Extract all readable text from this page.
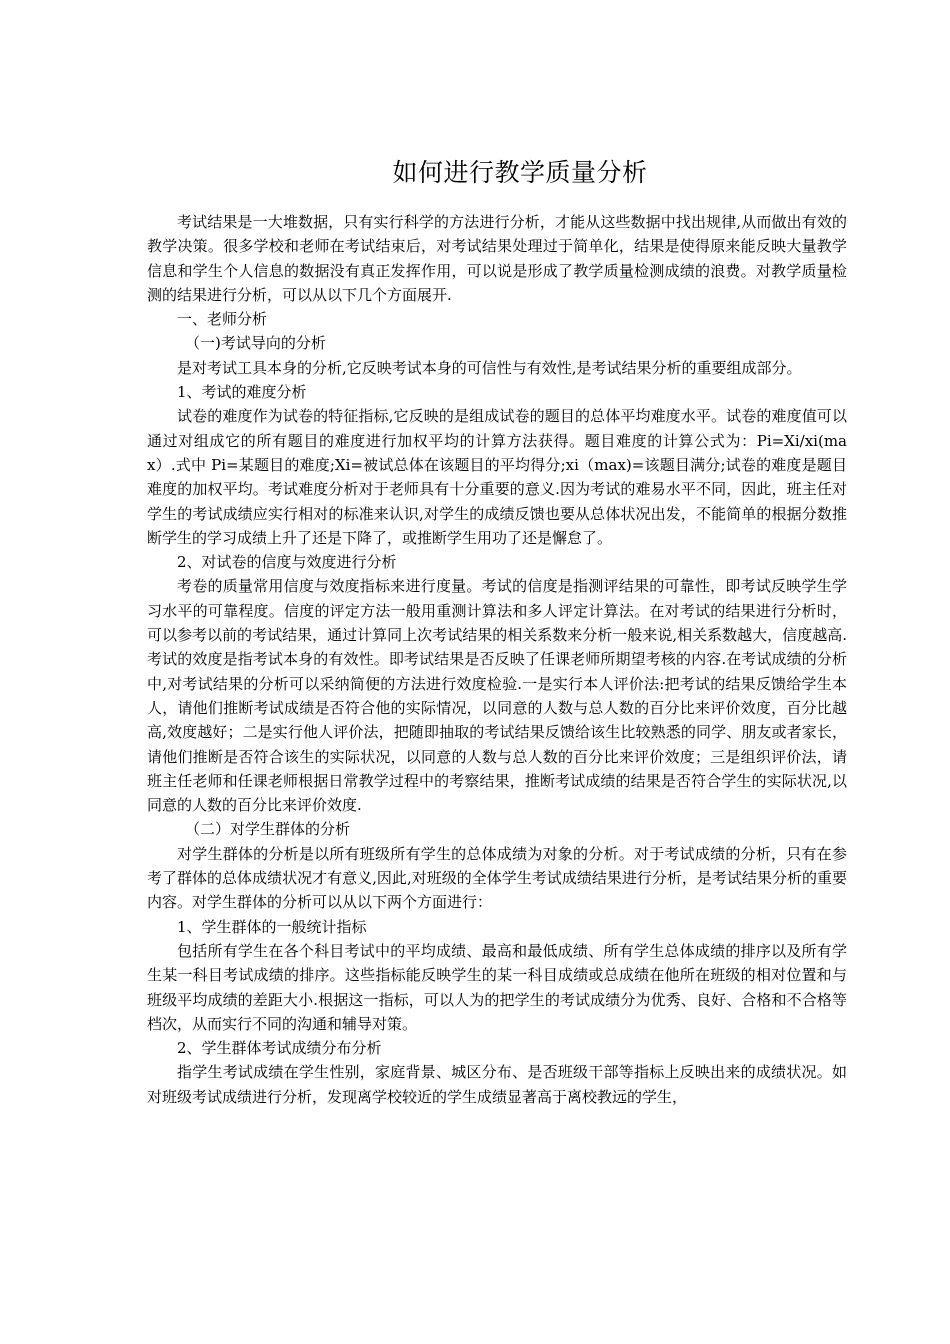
如何进行教学质量分析

考试结果是一大堆数据，只有实行科学的方法进行分析，才能从这些数据中找出规律,从而做出有效的教学决策。很多学校和老师在考试结束后，对考试结果处理过于简单化，结果是使得原来能反映大量教学信息和学生个人信息的数据没有真正发挥作用，可以说是形成了教学质量检测成绩的浪费。对教学质量检测的结果进行分析，可以从以下几个方面展开.

一、老师分析

（一)考试导向的分析

是对考试工具本身的分析,它反映考试本身的可信性与有效性,是考试结果分析的重要组成部分。

1、考试的难度分析

试卷的难度作为试卷的特征指标,它反映的是组成试卷的题目的总体平均难度水平。试卷的难度值可以通过对组成它的所有题目的难度进行加权平均的计算方法获得。题目难度的计算公式为：Pi=Xi/xi(max）.式中 Pi=某题目的难度;Xi=被试总体在该题目的平均得分;xi（max)=该题目满分;试卷的难度是题目难度的加权平均。考试难度分析对于老师具有十分重要的意义.因为考试的难易水平不同，因此，班主任对学生的考试成绩应实行相对的标准来认识,对学生的成绩反馈也要从总体状况出发，不能简单的根据分数推断学生的学习成绩上升了还是下降了，或推断学生用功了还是懈怠了。

2、对试卷的信度与效度进行分析

考卷的质量常用信度与效度指标来进行度量。考试的信度是指测评结果的可靠性，即考试反映学生学习水平的可靠程度。信度的评定方法一般用重测计算法和多人评定计算法。在对考试的结果进行分析时，可以参考以前的考试结果，通过计算同上次考试结果的相关系数来分析一般来说,相关系数越大，信度越高.考试的效度是指考试本身的有效性。即考试结果是否反映了任课老师所期望考核的内容.在考试成绩的分析中,对考试结果的分析可以采纳简便的方法进行效度检验.一是实行本人评价法:把考试的结果反馈给学生本人，请他们推断考试成绩是否符合他的实际情况，以同意的人数与总人数的百分比来评价效度，百分比越高,效度越好；二是实行他人评价法，把随即抽取的考试结果反馈给该生比较熟悉的同学、朋友或者家长，请他们推断是否符合该生的实际状况，以同意的人数与总人数的百分比来评价效度；三是组织评价法，请班主任老师和任课老师根据日常教学过程中的考察结果，推断考试成绩的结果是否符合学生的实际状况,以同意的人数的百分比来评价效度.

（二）对学生群体的分析

对学生群体的分析是以所有班级所有学生的总体成绩为对象的分析。对于考试成绩的分析，只有在参考了群体的总体成绩状况才有意义,因此,对班级的全体学生考试成绩结果进行分析，是考试结果分析的重要内容。对学生群体的分析可以从以下两个方面进行：

1、学生群体的一般统计指标

包括所有学生在各个科目考试中的平均成绩、最高和最低成绩、所有学生总体成绩的排序以及所有学生某一科目考试成绩的排序。这些指标能反映学生的某一科目成绩或总成绩在他所在班级的相对位置和与班级平均成绩的差距大小.根据这一指标，可以人为的把学生的考试成绩分为优秀、良好、合格和不合格等档次，从而实行不同的沟通和辅导对策。

2、学生群体考试成绩分布分析

指学生考试成绩在学生性别，家庭背景、城区分布、是否班级干部等指标上反映出来的成绩状况。如对班级考试成绩进行分析，发现离学校较近的学生成绩显著高于离校教远的学生，
